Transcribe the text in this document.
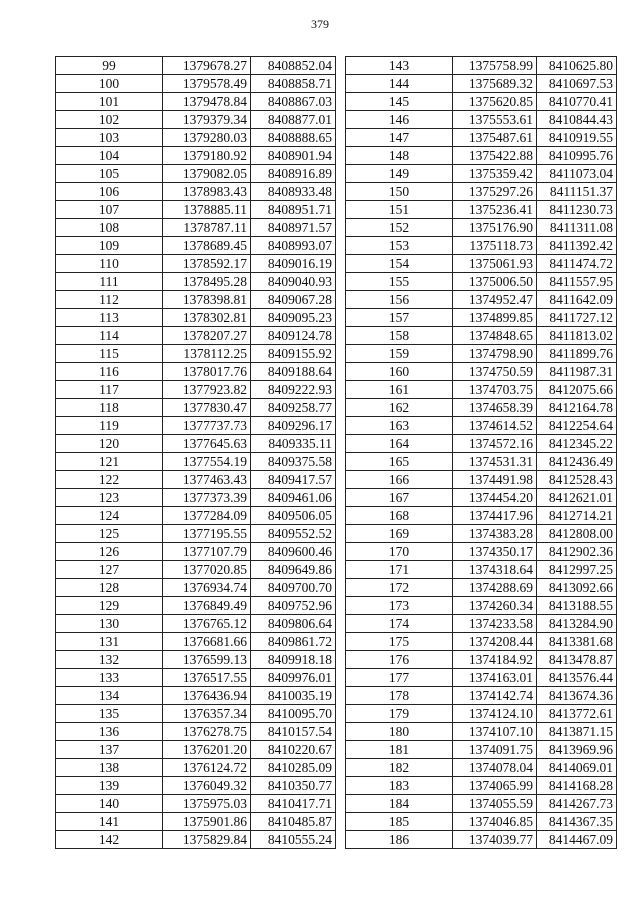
379
99	1379678.27	8408852.04
100	1379578.49	8408858.71
101	1379478.84	8408867.03
102	1379379.34	8408877.01
103	1379280.03	8408888.65
104	1379180.92	8408901.94
105	1379082.05	8408916.89
106	1378983.43	8408933.48
107	1378885.11	8408951.71
108	1378787.11	8408971.57
109	1378689.45	8408993.07
110	1378592.17	8409016.19
111	1378495.28	8409040.93
112	1378398.81	8409067.28
113	1378302.81	8409095.23
114	1378207.27	8409124.78
115	1378112.25	8409155.92
116	1378017.76	8409188.64
117	1377923.82	8409222.93
118	1377830.47	8409258.77
119	1377737.73	8409296.17
120	1377645.63	8409335.11
121	1377554.19	8409375.58
122	1377463.43	8409417.57
123	1377373.39	8409461.06
124	1377284.09	8409506.05
125	1377195.55	8409552.52
126	1377107.79	8409600.46
127	1377020.85	8409649.86
128	1376934.74	8409700.70
129	1376849.49	8409752.96
130	1376765.12	8409806.64
131	1376681.66	8409861.72
132	1376599.13	8409918.18
133	1376517.55	8409976.01
134	1376436.94	8410035.19
135	1376357.34	8410095.70
136	1376278.75	8410157.54
137	1376201.20	8410220.67
138	1376124.72	8410285.09
139	1376049.32	8410350.77
140	1375975.03	8410417.71
141	1375901.86	8410485.87
142	1375829.84	8410555.24
143	1375758.99	8410625.80
144	1375689.32	8410697.53
145	1375620.85	8410770.41
146	1375553.61	8410844.43
147	1375487.61	8410919.55
148	1375422.88	8410995.76
149	1375359.42	8411073.04
150	1375297.26	8411151.37
151	1375236.41	8411230.73
152	1375176.90	8411311.08
153	1375118.73	8411392.42
154	1375061.93	8411474.72
155	1375006.50	8411557.95
156	1374952.47	8411642.09
157	1374899.85	8411727.12
158	1374848.65	8411813.02
159	1374798.90	8411899.76
160	1374750.59	8411987.31
161	1374703.75	8412075.66
162	1374658.39	8412164.78
163	1374614.52	8412254.64
164	1374572.16	8412345.22
165	1374531.31	8412436.49
166	1374491.98	8412528.43
167	1374454.20	8412621.01
168	1374417.96	8412714.21
169	1374383.28	8412808.00
170	1374350.17	8412902.36
171	1374318.64	8412997.25
172	1374288.69	8413092.66
173	1374260.34	8413188.55
174	1374233.58	8413284.90
175	1374208.44	8413381.68
176	1374184.92	8413478.87
177	1374163.01	8413576.44
178	1374142.74	8413674.36
179	1374124.10	8413772.61
180	1374107.10	8413871.15
181	1374091.75	8413969.96
182	1374078.04	8414069.01
183	1374065.99	8414168.28
184	1374055.59	8414267.73
185	1374046.85	8414367.35
186	1374039.77	8414467.09
